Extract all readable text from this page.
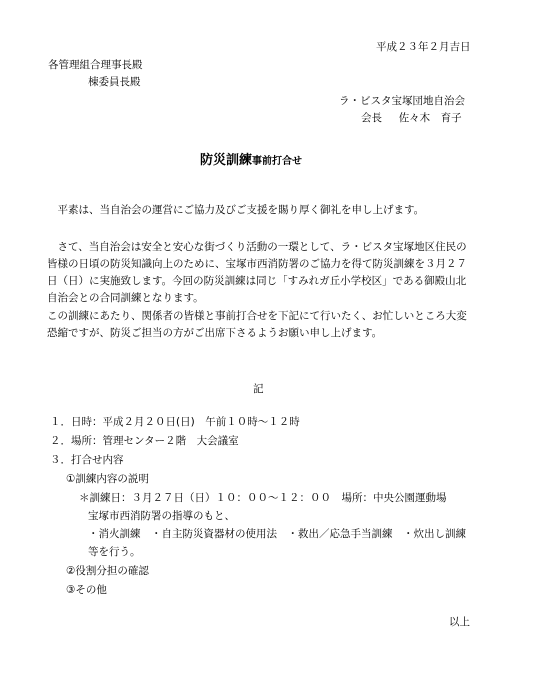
平成２３年２月吉日
各管理組合理事長殿
棟委員長殿
ラ・ビスタ宝塚団地自治会
会長 佐々木　育子
防災訓練事前打合せ
　平素は、当自治会の運営にご協力及びご支援を賜り厚く御礼を申し上げます。
　さて、当自治会は安全と安心な街づくり活動の一環として、ラ・ビスタ宝塚地区住民の
皆様の日頃の防災知識向上のために、宝塚市西消防署のご協力を得て防災訓練を３月２７
日（日）に実施致します。今回の防災訓練は同じ「すみれガ丘小学校区」である御殿山北
自治会との合同訓練となります。
この訓練にあたり、関係者の皆様と事前打合せを下記にて行いたく、お忙しいところ大変
恐縮ですが、防災ご担当の方がご出席下さるようお願い申し上げます。
記
１．日時：平成２月２０日(日)　午前１０時～１２時
２．場所：管理センター２階　大会議室
３．打合せ内容
①訓練内容の説明
＊訓練日：３月２７日（日）１０：００～１２：００　場所：中央公園運動場
宝塚市西消防署の指導のもと、
・消火訓練　・自主防災資器材の使用法　・救出／応急手当訓練　・炊出し訓練
等を行う。
②役割分担の確認
③その他
以上
